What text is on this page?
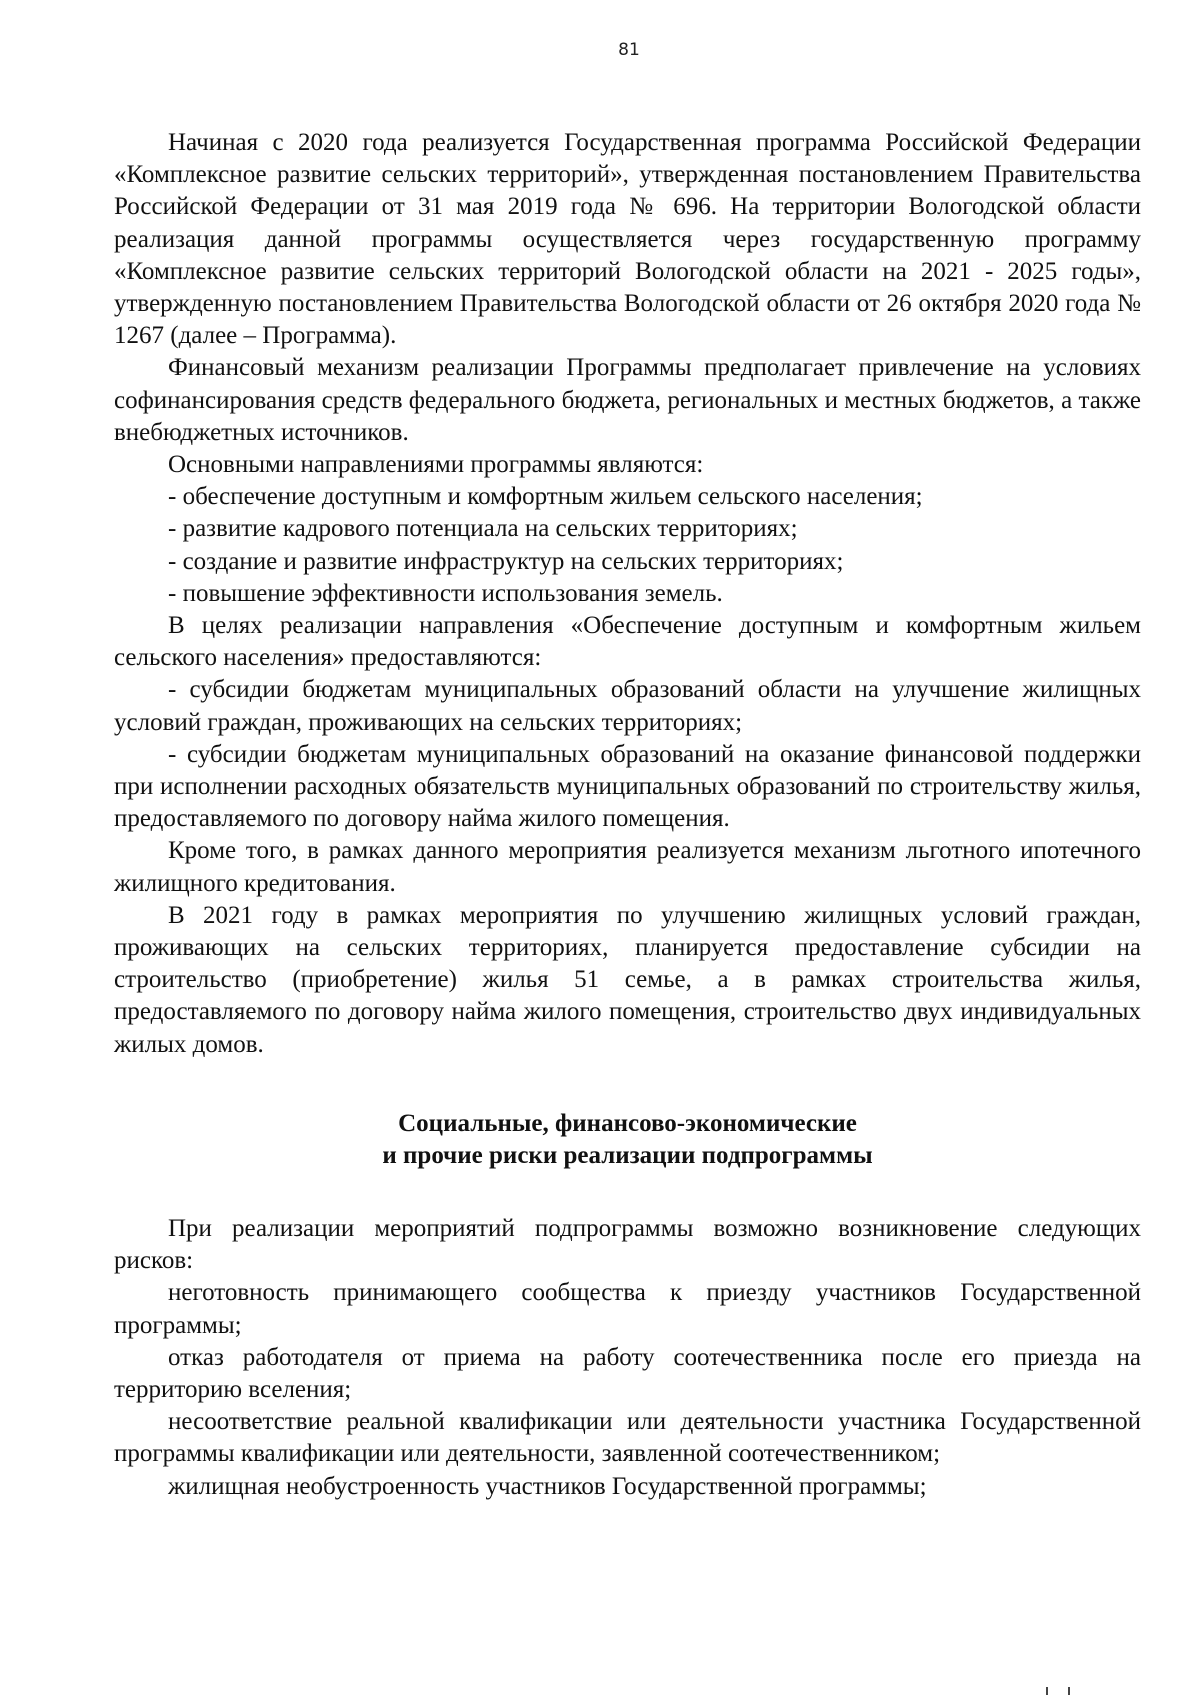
81

Начиная с 2020 года реализуется Государственная программа Российской Федерации «Комплексное развитие сельских территорий», утвержденная постановлением Правительства Российской Федерации от 31 мая 2019 года № 696. На территории Вологодской области реализация данной программы осуществляется через государственную программу «Комплексное развитие сельских территорий Вологодской области на 2021 - 2025 годы», утвержденную постановлением Правительства Вологодской области от 26 октября 2020 года № 1267 (далее – Программа).

Финансовый механизм реализации Программы предполагает привлечение на условиях софинансирования средств федерального бюджета, региональных и местных бюджетов, а также внебюджетных источников.

Основными направлениями программы являются:

- обеспечение доступным и комфортным жильем сельского населения;

- развитие кадрового потенциала на сельских территориях;

- создание и развитие инфраструктур на сельских территориях;

- повышение эффективности использования земель.

В целях реализации направления «Обеспечение доступным и комфортным жильем сельского населения» предоставляются:

- субсидии бюджетам муниципальных образований области на улучшение жилищных условий граждан, проживающих на сельских территориях;

- субсидии бюджетам муниципальных образований на оказание финансовой поддержки при исполнении расходных обязательств муниципальных образований по строительству жилья, предоставляемого по договору найма жилого помещения.

Кроме того, в рамках данного мероприятия реализуется механизм льготного ипотечного жилищного кредитования.

В 2021 году в рамках мероприятия по улучшению жилищных условий граждан, проживающих на сельских территориях, планируется предоставление субсидии на строительство (приобретение) жилья 51 семье, а в рамках строительства жилья, предоставляемого по договору найма жилого помещения, строительство двух индивидуальных жилых домов.

Социальные, финансово-экономические
и прочие риски реализации подпрограммы

При реализации мероприятий подпрограммы возможно возникновение следующих рисков:

неготовность принимающего сообщества к приезду участников Государственной программы;

отказ работодателя от приема на работу соотечественника после его приезда на территорию вселения;

несоответствие реальной квалификации или деятельности участника Государственной программы квалификации или деятельности, заявленной соотечественником;

жилищная необустроенность участников Государственной программы;
